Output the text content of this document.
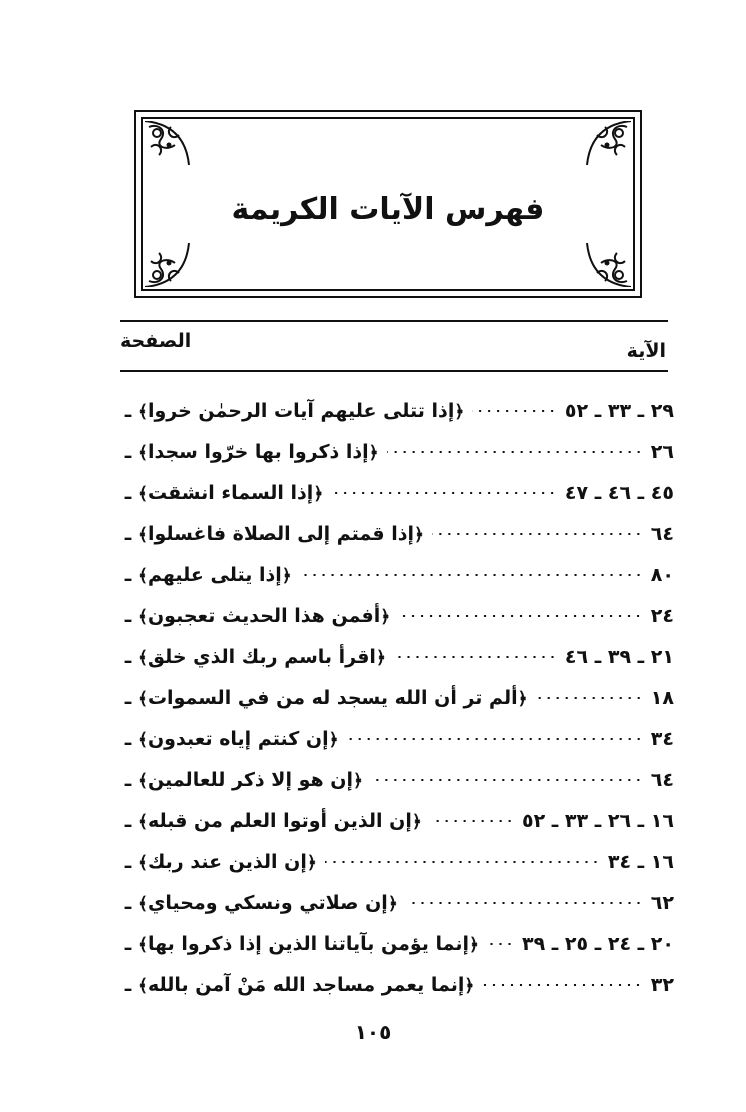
فهرس الآيات الكريمة
الصفحة	الآية
ـ	﴿إذا تتلى عليهم آيات الرحمٰن خروا﴾	٢٩ ـ ٣٣ ـ ٥٢
ـ	﴿إذا ذكروا بها خرّوا سجدا﴾	٢٦
ـ	﴿إذا السماء انشقت﴾	٤٥ ـ ٤٦ ـ ٤٧
ـ	﴿إذا قمتم إلى الصلاة فاغسلوا﴾	٦٤
ـ	﴿إذا يتلى عليهم﴾	٨٠
ـ	﴿أفمن هذا الحديث تعجبون﴾	٢٤
ـ	﴿اقرأ باسم ربك الذي خلق﴾	٢١ ـ ٣٩ ـ ٤٦
ـ	﴿ألم تر أن الله يسجد له من في السموات﴾	١٨
ـ	﴿إن كنتم إياه تعبدون﴾	٣٤
ـ	﴿إن هو إلا ذكر للعالمين﴾	٦٤
ـ	﴿إن الذين أوتوا العلم من قبله﴾	١٦ ـ ٢٦ ـ ٣٣ ـ ٥٢
ـ	﴿إن الذين عند ربك﴾	١٦ ـ ٣٤
ـ	﴿إن صلاتي ونسكي ومحياي﴾	٦٢
ـ	﴿إنما يؤمن بآياتنا الذين إذا ذكروا بها﴾	٢٠ ـ ٢٤ ـ ٢٥ ـ ٣٩
ـ	﴿إنما يعمر مساجد الله مَنْ آمن بالله﴾	٣٢
١٠٥
